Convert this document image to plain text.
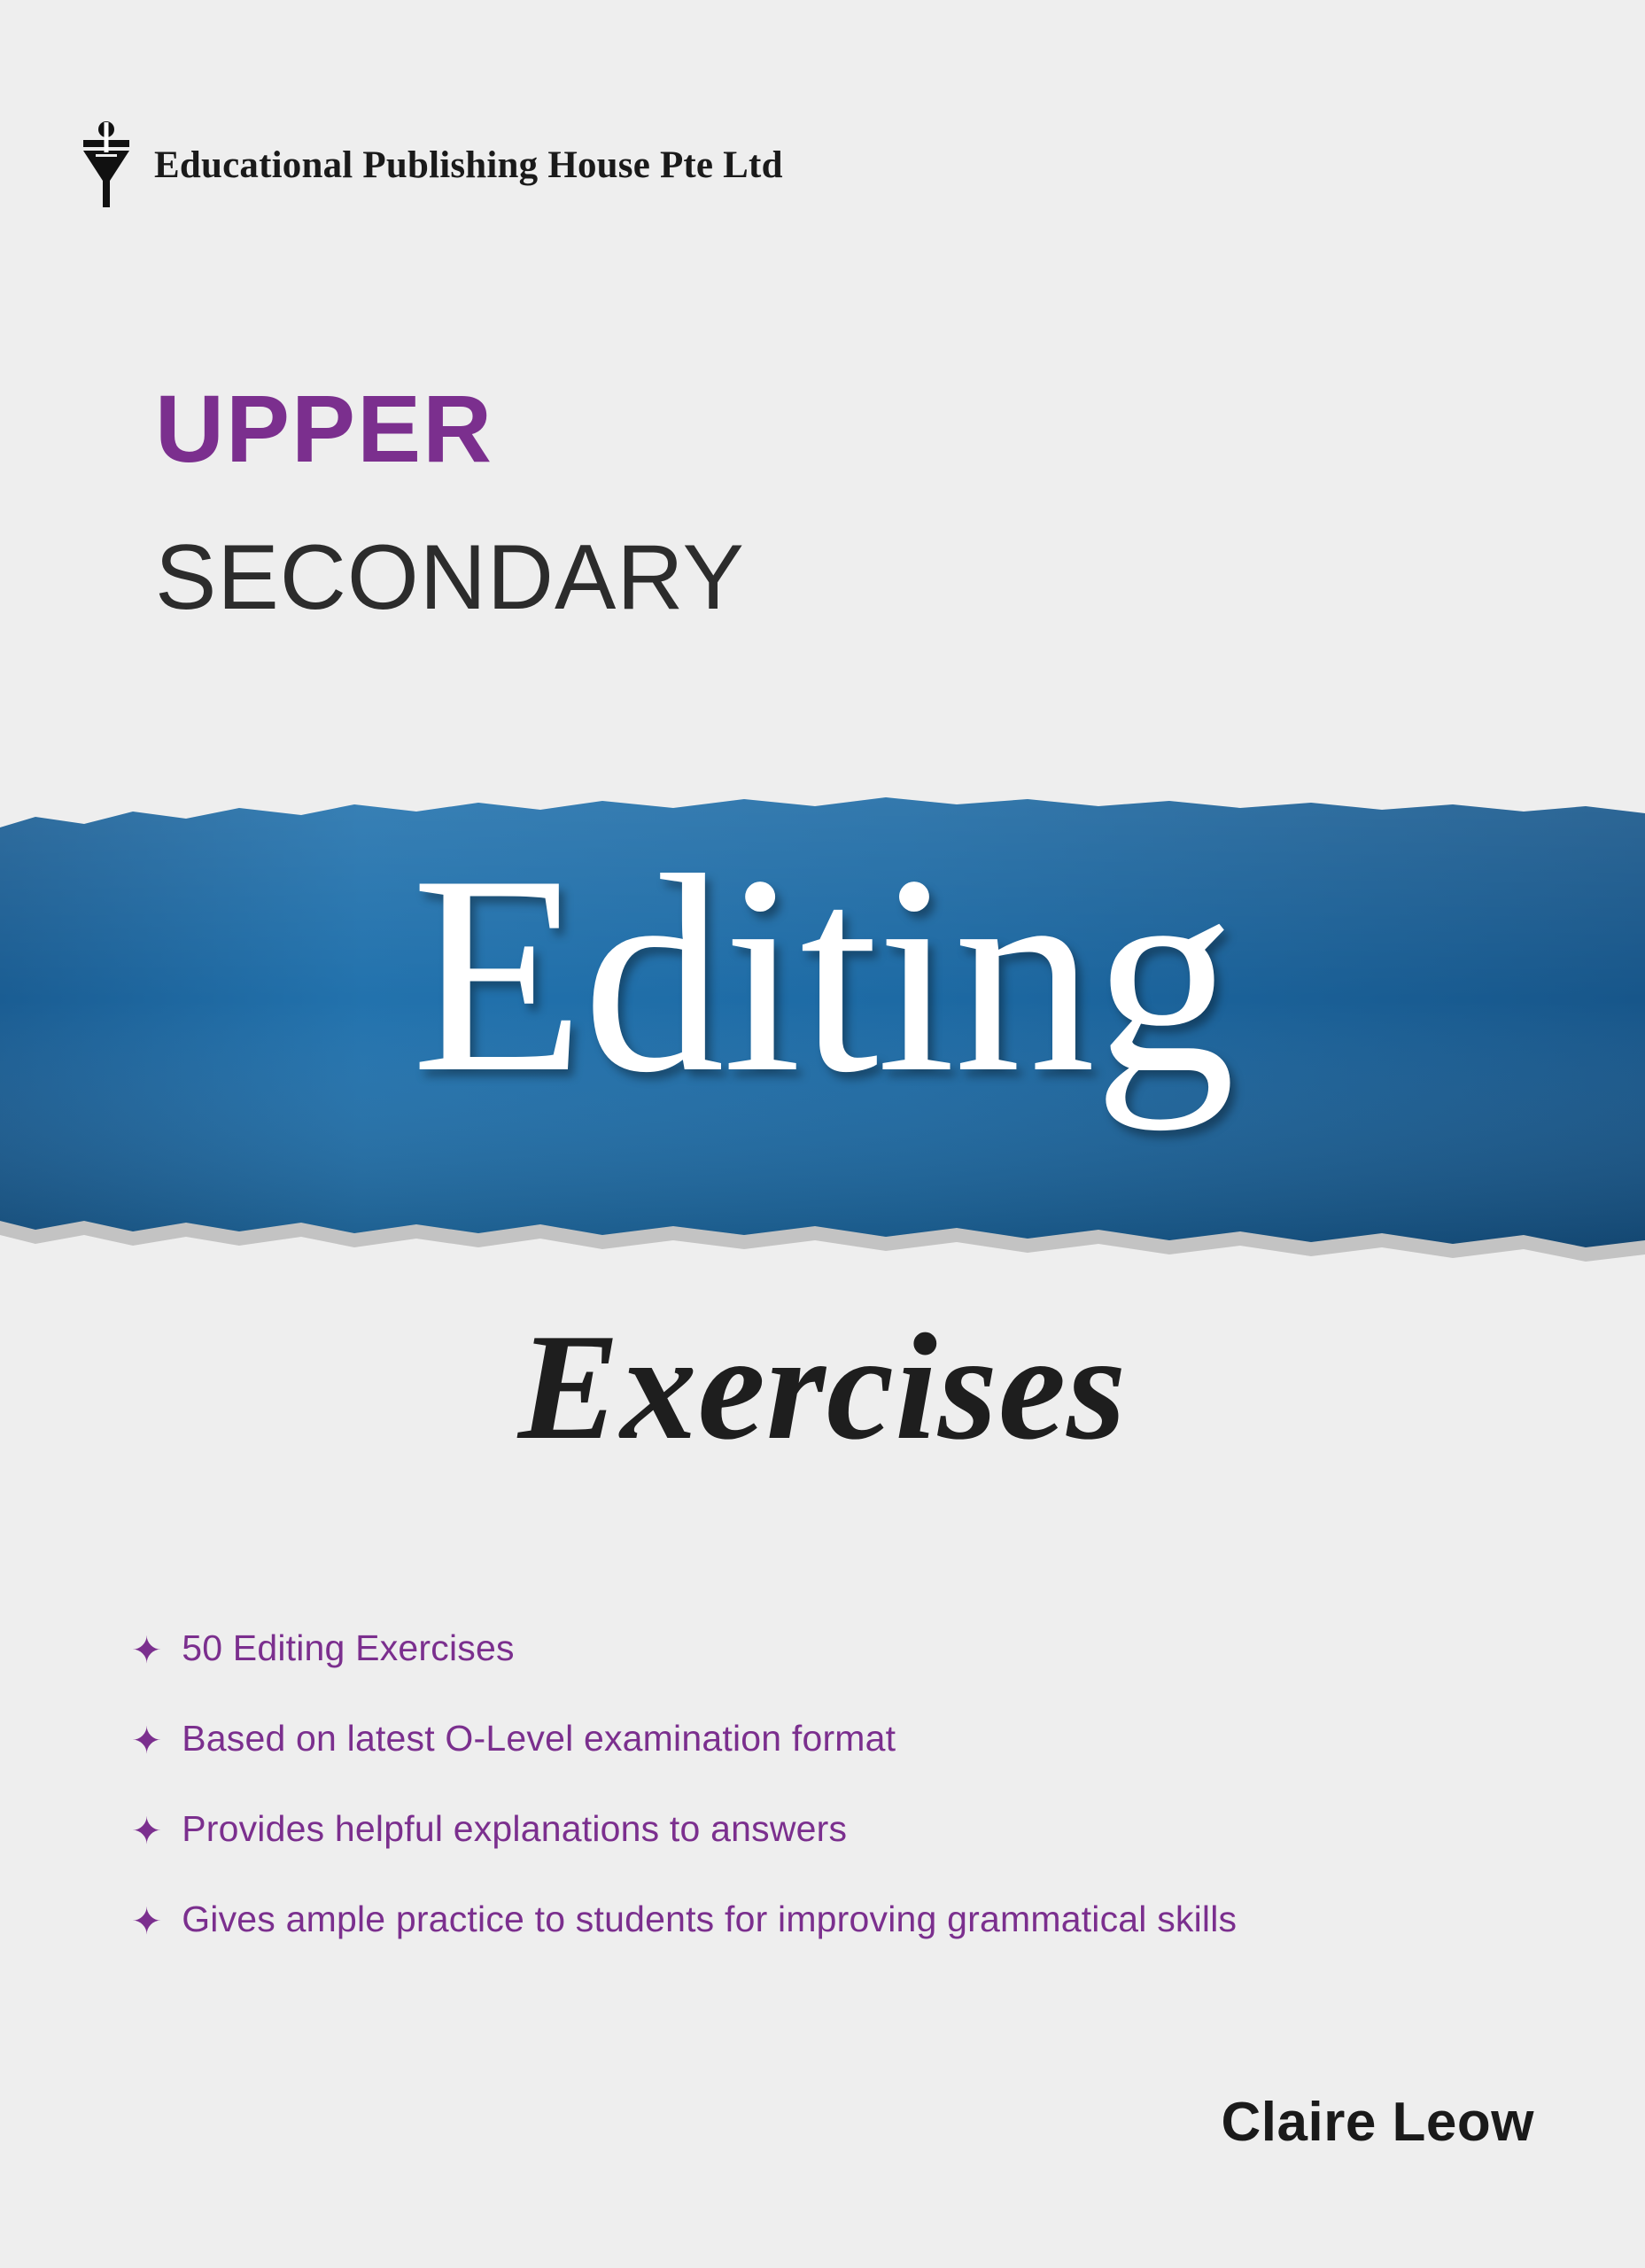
Educational Publishing House Pte Ltd
UPPER
SECONDARY
Editing
Exercises
✦ 50 Editing Exercises
✦ Based on latest O-Level examination format
✦ Provides helpful explanations to answers
✦ Gives ample practice to students for improving grammatical skills
Claire Leow
